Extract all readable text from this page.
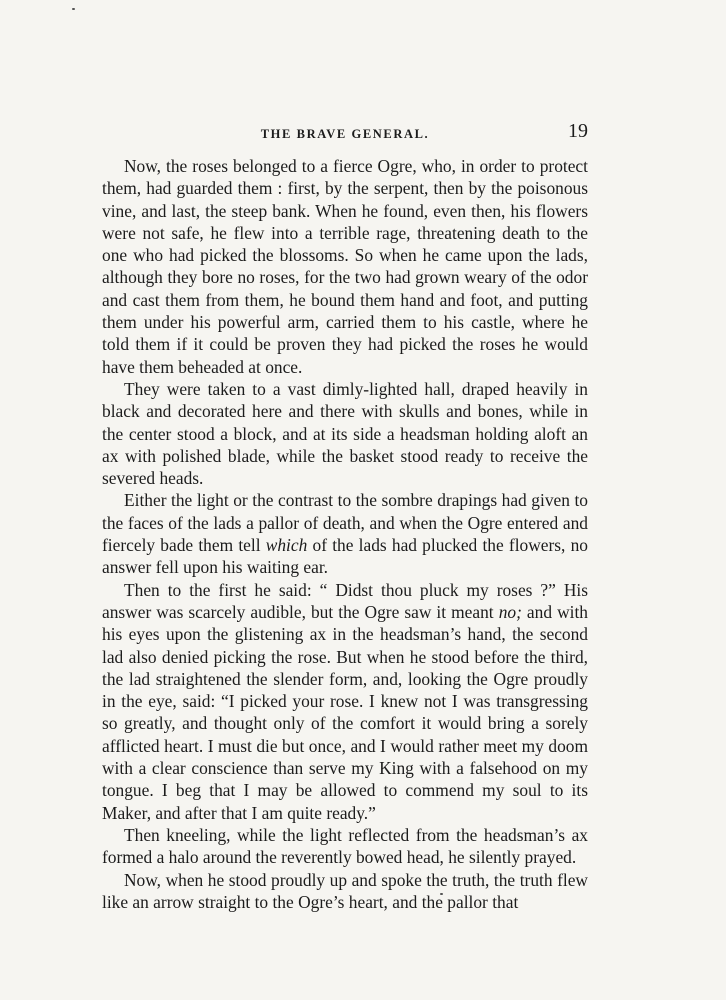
THE BRAVE GENERAL.	19

Now, the roses belonged to a fierce Ogre, who, in order to protect them, had guarded them : first, by the serpent, then by the poisonous vine, and last, the steep bank. When he found, even then, his flowers were not safe, he flew into a terrible rage, threatening death to the one who had picked the blossoms. So when he came upon the lads, although they bore no roses, for the two had grown weary of the odor and cast them from them, he bound them hand and foot, and putting them under his powerful arm, carried them to his castle, where he told them if it could be proven they had picked the roses he would have them beheaded at once.

They were taken to a vast dimly-lighted hall, draped heavily in black and decorated here and there with skulls and bones, while in the center stood a block, and at its side a headsman holding aloft an ax with polished blade, while the basket stood ready to receive the severed heads.

Either the light or the contrast to the sombre drapings had given to the faces of the lads a pallor of death, and when the Ogre entered and fiercely bade them tell which of the lads had plucked the flowers, no answer fell upon his waiting ear.

Then to the first he said: “ Didst thou pluck my roses ?” His answer was scarcely audible, but the Ogre saw it meant no; and with his eyes upon the glistening ax in the headsman’s hand, the second lad also denied picking the rose. But when he stood before the third, the lad straightened the slender form, and, looking the Ogre proudly in the eye, said: “I picked your rose. I knew not I was transgressing so greatly, and thought only of the comfort it would bring a sorely afflicted heart. I must die but once, and I would rather meet my doom with a clear conscience than serve my King with a falsehood on my tongue. I beg that I may be allowed to commend my soul to its Maker, and after that I am quite ready.”

Then kneeling, while the light reflected from the headsman’s ax formed a halo around the reverently bowed head, he silently prayed.

Now, when he stood proudly up and spoke the truth, the truth flew like an arrow straight to the Ogre’s heart, and the pallor that
